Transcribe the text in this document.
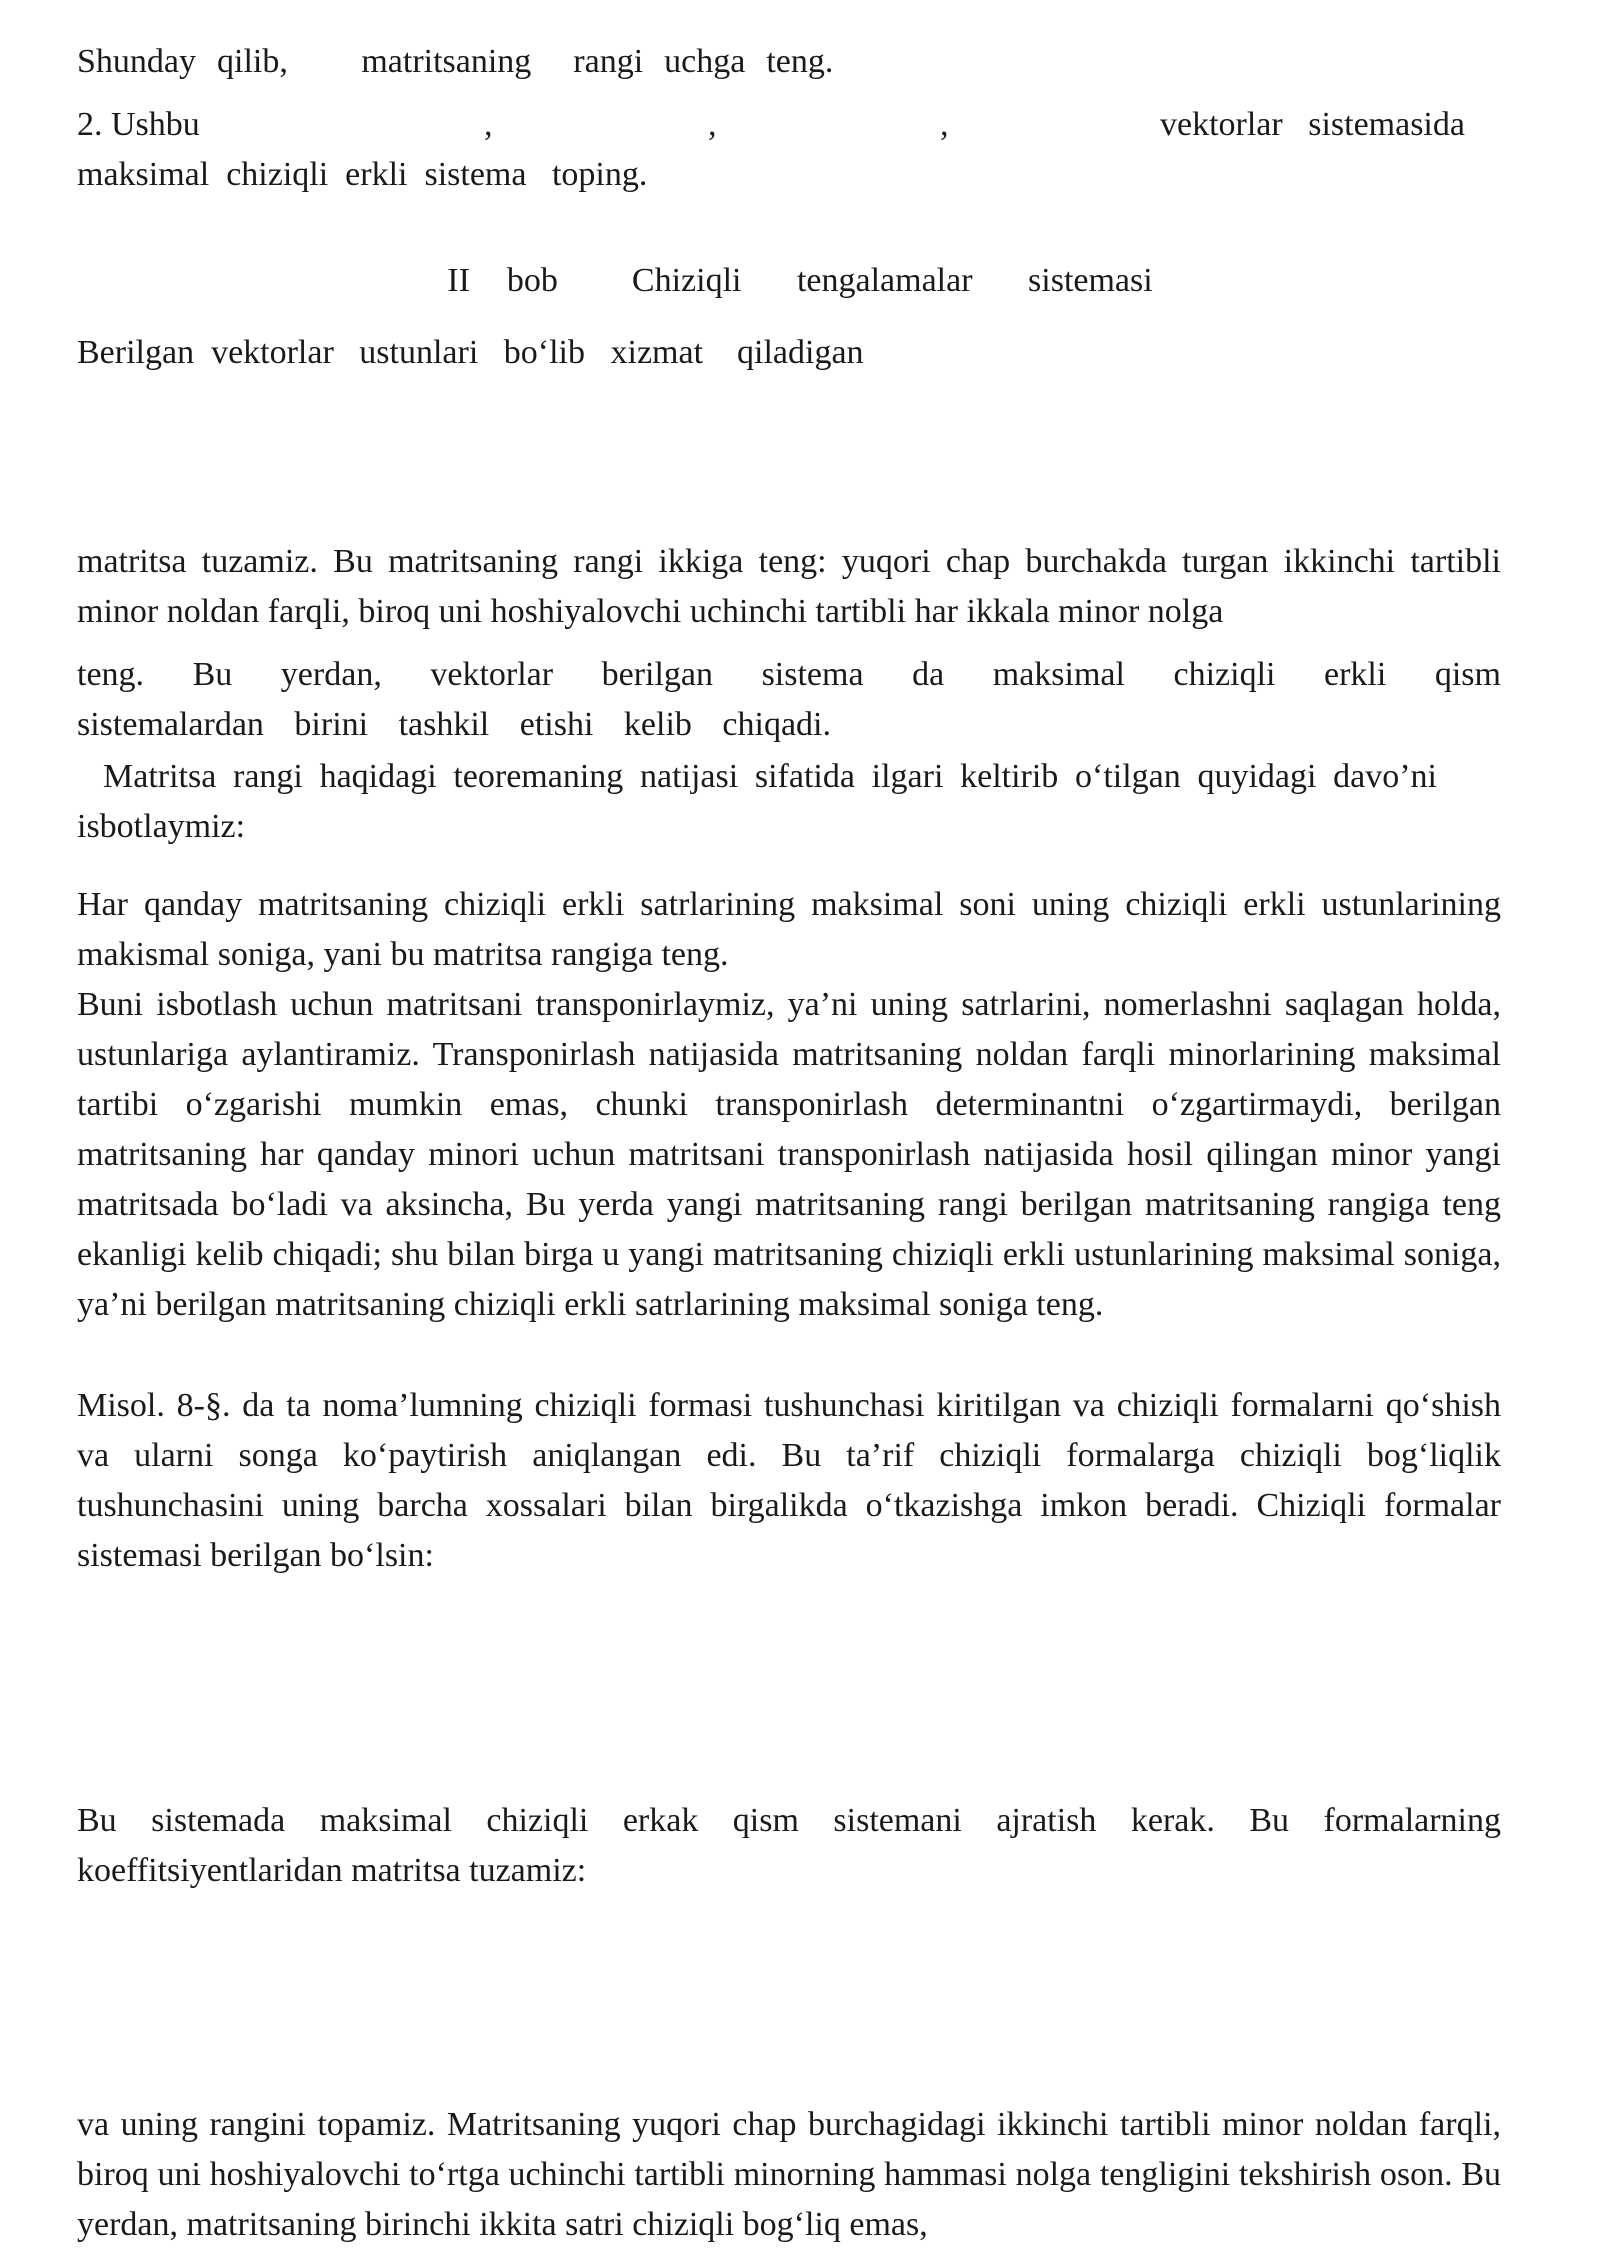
Shunday  qilib,       matritsaning    rangi  uchga  teng.

2. Ushbu	,	,	,	vektorlar   sistemasida

maksimal  chiziqli  erkli  sistema   toping.

II  bob    Chiziqli   tengalamalar   sistemasi

Berilgan  vektorlar   ustunlari   bo‘lib   xizmat    qiladigan

matritsa tuzamiz. Bu matritsaning rangi ikkiga teng: yuqori chap burchakda turgan ikkinchi tartibli minor noldan farqli, biroq uni hoshiyalovchi uchinchi tartibli har ikkala minor nolga

teng. Bu yerdan, vektorlar berilgan sistema da maksimal chiziqli erkli qism sistemalardan birini tashkil etishi kelib chiqadi.

Matritsa rangi haqidagi teoremaning natijasi sifatida ilgari keltirib o‘tilgan quyidagi davo’ni isbotlaymiz:

Har qanday matritsaning chiziqli erkli satrlarining maksimal soni uning chiziqli erkli ustunlarining makismal soniga, yani bu matritsa rangiga teng.

Buni isbotlash uchun matritsani transponirlaymiz, ya’ni uning satrlarini, nomerlashni saqlagan holda, ustunlariga aylantiramiz. Transponirlash natijasida matritsaning noldan farqli minorlarining maksimal tartibi o‘zgarishi mumkin emas, chunki transponirlash determinantni o‘zgartirmaydi, berilgan matritsaning har qanday minori uchun matritsani transponirlash natijasida hosil qilingan minor yangi matritsada bo‘ladi va aksincha, Bu yerda yangi matritsaning rangi berilgan matritsaning rangiga teng ekanligi kelib chiqadi; shu bilan birga u yangi matritsaning chiziqli erkli ustunlarining maksimal soniga, ya’ni berilgan matritsaning chiziqli erkli satrlarining maksimal soniga teng.

Misol. 8-§. da ta noma’lumning chiziqli formasi tushunchasi kiritilgan va chiziqli formalarni qo‘shish va ularni songa ko‘paytirish aniqlangan edi. Bu ta’rif chiziqli formalarga chiziqli bog‘liqlik tushunchasini uning barcha xossalari bilan birgalikda o‘tkazishga imkon beradi. Chiziqli formalar sistemasi berilgan bo‘lsin:

Bu sistemada maksimal chiziqli erkak qism sistemani ajratish kerak. Bu formalarning koeffitsiyentlaridan matritsa tuzamiz:

va uning rangini topamiz. Matritsaning yuqori chap burchagidagi ikkinchi tartibli minor noldan farqli, biroq uni hoshiyalovchi to‘rtga uchinchi tartibli minorning hammasi nolga tengligini tekshirish oson. Bu yerdan, matritsaning birinchi ikkita satri chiziqli bog‘liq emas,
